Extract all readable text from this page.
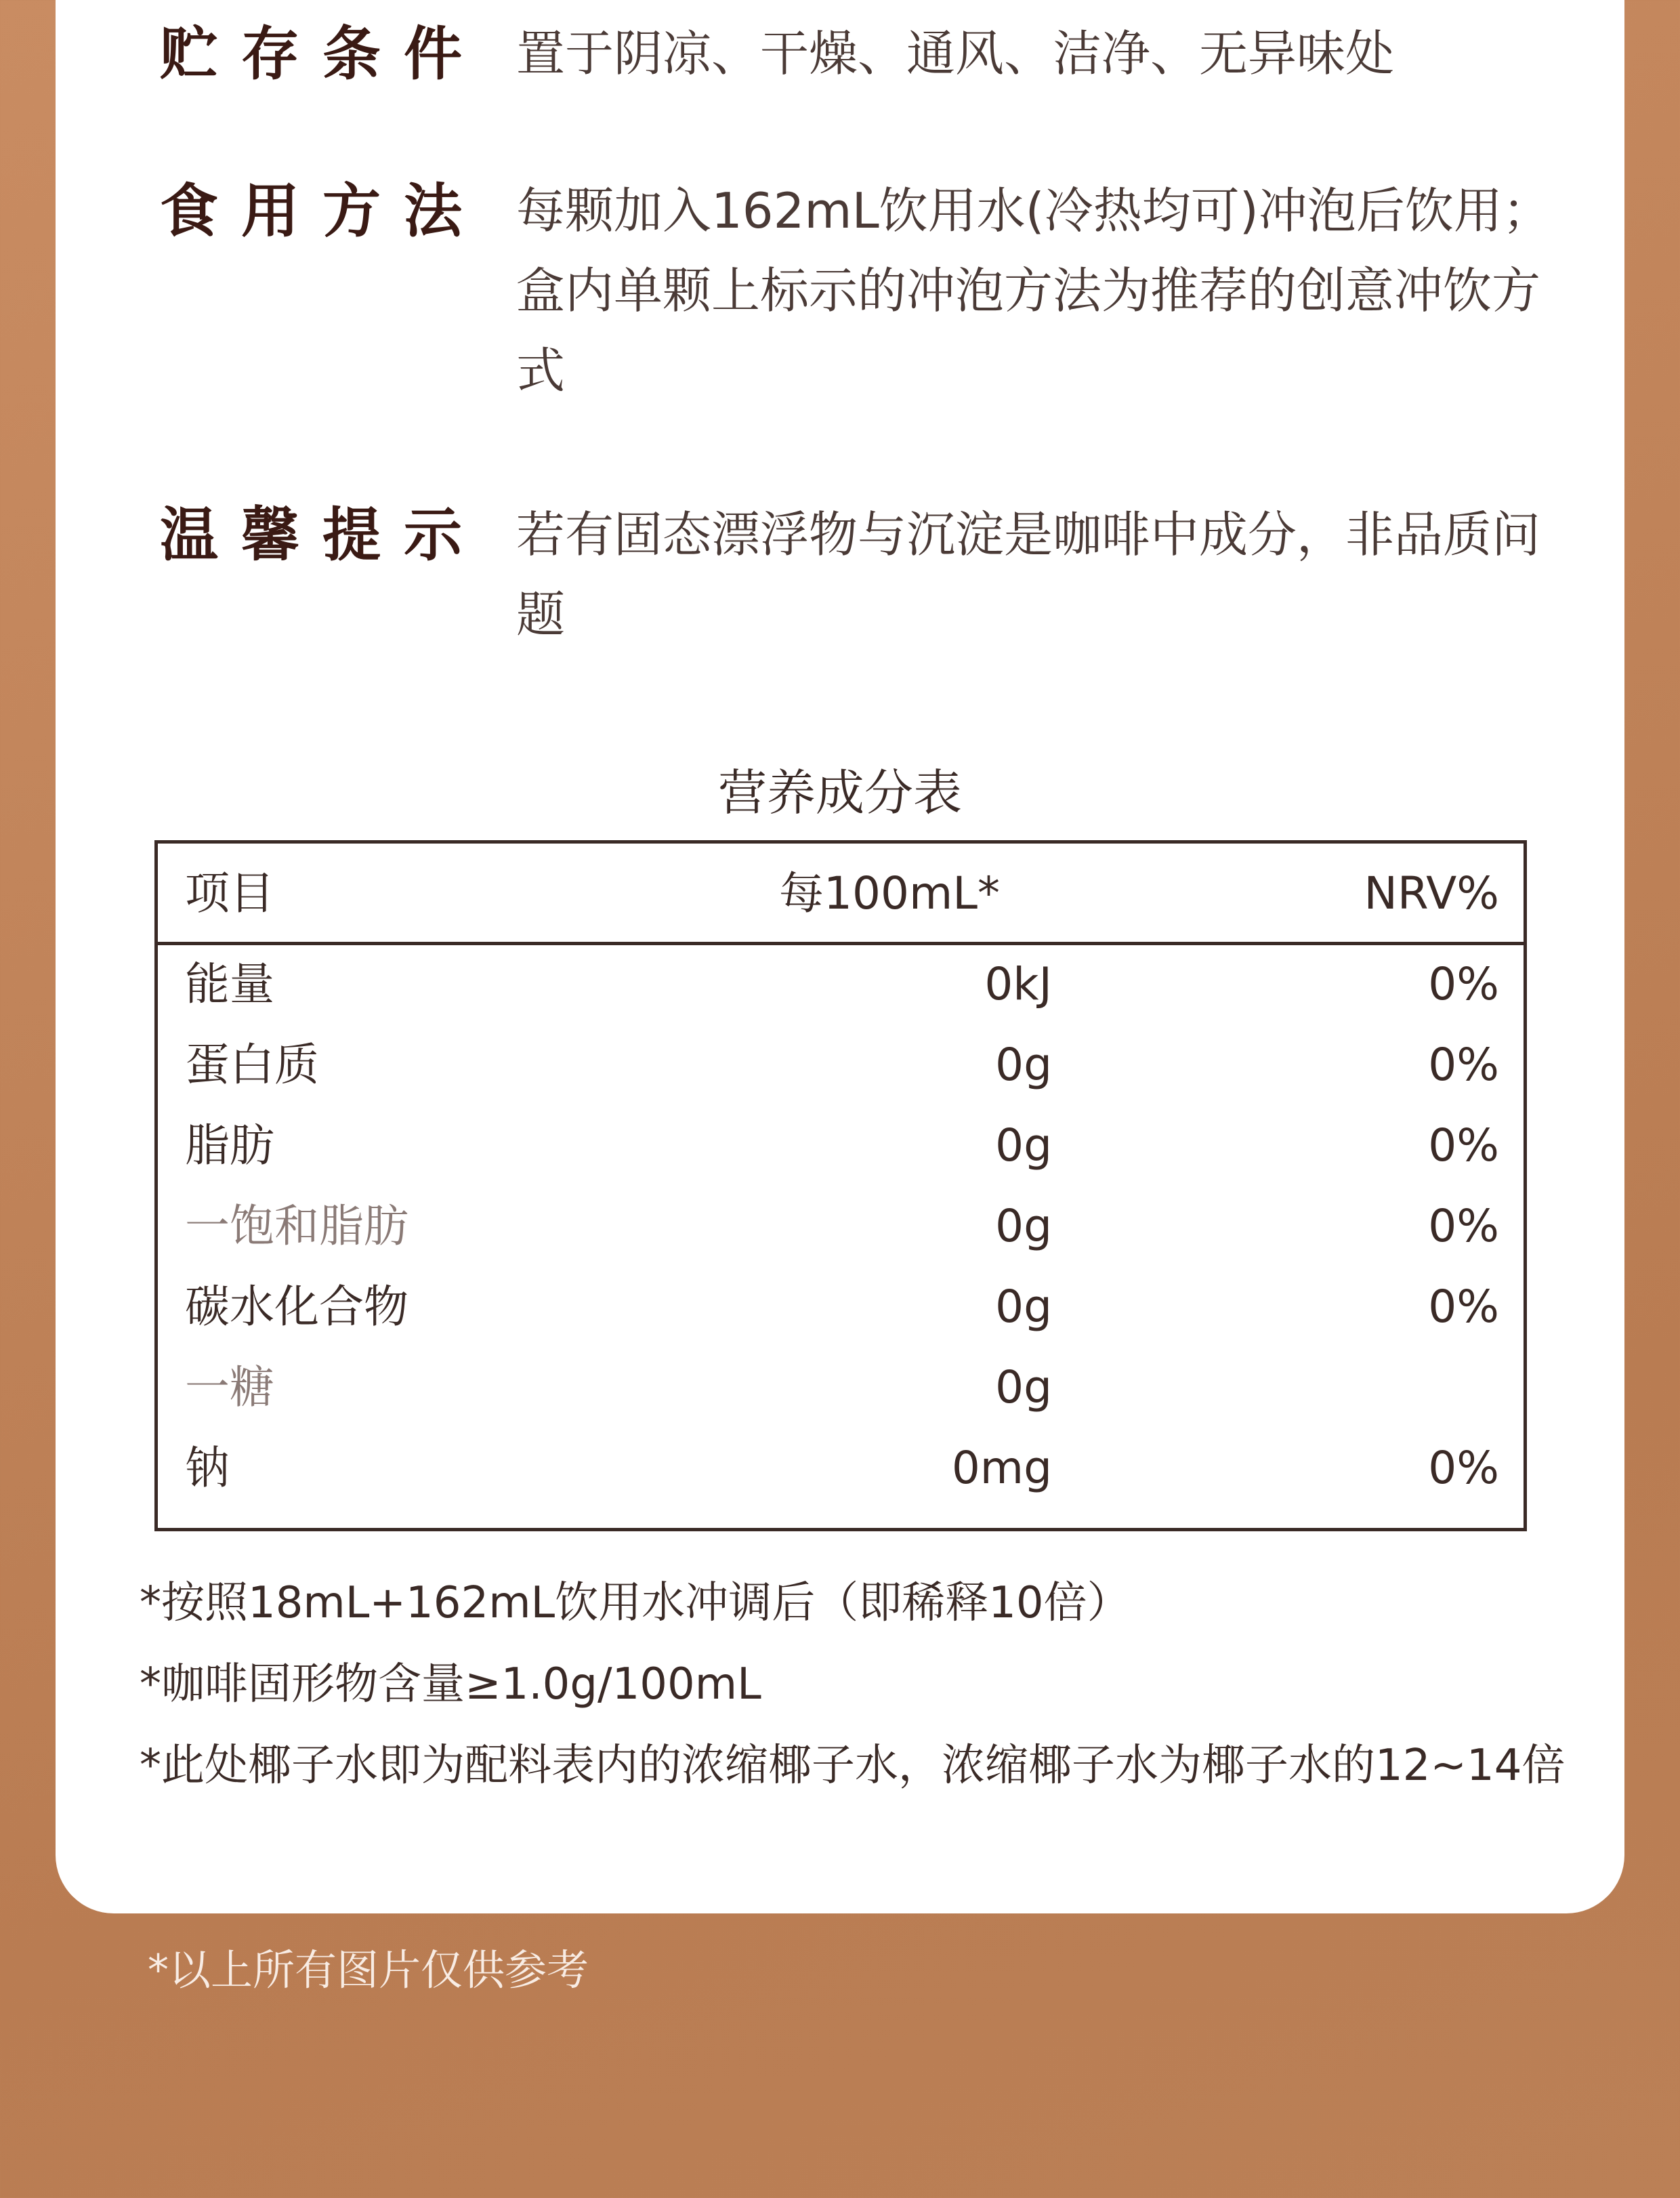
贮存条件 置于阴凉、干燥、通风、洁净、无异味处
食用方法 每颗加入162mL饮用水(冷热均可)冲泡后饮用；盒内单颗上标示的冲泡方法为推荐的创意冲饮方式
温馨提示 若有固态漂浮物与沉淀是咖啡中成分，非品质问题
营养成分表
项目	每100mL*	NRV%
能量	0kJ	0%
蛋白质	0g	0%
脂肪	0g	0%
一饱和脂肪	0g	0%
碳水化合物	0g	0%
一糖	0g
钠	0mg	0%
*按照18mL+162mL饮用水冲调后（即稀释10倍）
*咖啡固形物含量≥1.0g/100mL
*此处椰子水即为配料表内的浓缩椰子水，浓缩椰子水为椰子水的12~14倍
*以上所有图片仅供参考
